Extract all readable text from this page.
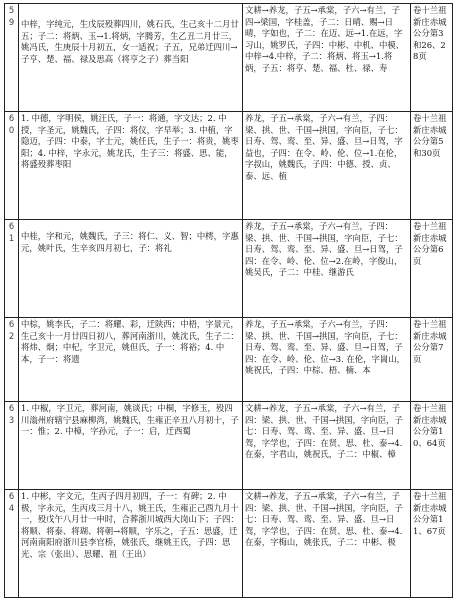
59	中梓，字纯元，生戊辰殁葬四川，姚石氏，生己亥十二月廿五；子二：将炳、玉→1.将炳，字腾芳，生乙丑二月廿三，姚冯氏，生庚辰十月初五，女一适祝；子五，兄弟迁四川→子亨、楚、福、禄及思高（将亨之子）葬当阳	文耕→养龙，子五→承棠，子六→有兰，子四→梁国，字桂盖，子二：日晴、赐→日晴，字如也，子二：在迈、远→1.在远，字习山，姚罗氏，子四：中彬、中机、中模、中梓→4.中梓，子二：将炳、将玉→1.将炳，子五：将亨、楚、福、杜、禄、寿	卷十兰祖新庄赤城公分第3和26、28页
60	1. 中德，字明侯，姚汪氏，子一：将通，字文达；2. 中授，字圣元，姚魏氏，子四：将仪，字早举；3. 中植，字隐迈，子四：中泰，字士元，姚任氏，生子一：将贵，姚枣阳；4. 中梓，字永元，姚龙氏，生子三：将盛、思、能，将盛殁葬枣阳	养龙，子五→承棠，子六→有兰，子四：梁、拱、世、千国→拱国，字向臣，子七：日寿、驾、鸾、至、异、盛、旦→日驾，字益也，子四：在令、岭、伦、位→1.在伦，字叔山，姚魏氏，子四：中德、授、贞、泰、远、植	卷十兰祖新庄赤城公分第5和30页
61	中桂，字和元，姚魏氏，子三：将仁、义、智；中樗，字惠元，姚叶氏，生辛亥四月初七，子：将礼	养龙，子五→承棠，子六→有兰，子四：梁、拱、世、千国→拱国，字向臣，子七：日寿、驾、鸾、至、异、盛、旦→日驾，子四：在令、岭、伦、位→2.在岭，字俊山，姚吴氏，子二：中桂、继游氏	卷十兰祖新庄赤城公分第6页
62	中棕，姚李氏，子二：将耀、彩，迁陕西；中梧，字景元，生己亥十一月廿四日初八，葬河南浙川，姚沈氏，生子二：将炜、炯；中杞，字卫元，姚但氏，子一：将裕；4. 中本，子一：将遗	养龙，子五→承棠，子六→有兰，子四：梁、拱、世、千国→拱国，字向臣，子七：日寿、驾、鸾、至、异、盛、旦→日驾，子四：在令、岭、伦、位→3. 在伦，字崗山，姚祝氏，子四：中棕、梧、楠、本	卷十兰祖新庄赤城公分第7页
63	1. 中椒，字卫元，葬河南，姚谈氏；中桐，字修玉，殁四川滃州府辖宁县麻柳湾，姚魏氏，生雍正辛丑八月初十，子一：惟；2. 中樟，字孙元，子一：启，迁西蜀	文耕→养龙，子五→承棠，子六→有兰，子四：梁、拱、世、千国→拱国，字向臣，子七：日寿、驾、鸾、至、异、盛、旦→日驾，字学也，子四：在贤、思、杜、泰→4. 在泰，字君山，姚祝氏，子二：中椒、樟	卷十兰祖新庄赤城公分第10、64页
64	1. 中彬，字文元，生丙子四月初四，子一：有碑；2. 中极，字永元，生丙戌三月十八，姚王氏，生雍正己酉九月十一，殁戊午八月廿一申时，合葬浙川城西大岗山下；子四：将顺、将泰、将瑚、将朝→将顺，字乐之，子五：思盛，迁河南南阳府浙川县李官桥，姚张氏，继姚王氏，子四：思光、宗（张出）、思耀、祖（王出）	文耕→养龙，子五→承棠，子六→有兰，子四：梁、拱、世、千国→拱国，字向臣，子七：日寿、驾、鸾、至、异、盛、旦→日驾，字学也，子四：在贤、思、杜、泰→4. 在泰，字梅山，姚张氏，子二：中彬、极	卷十兰祖新庄赤城公分第11、67页
